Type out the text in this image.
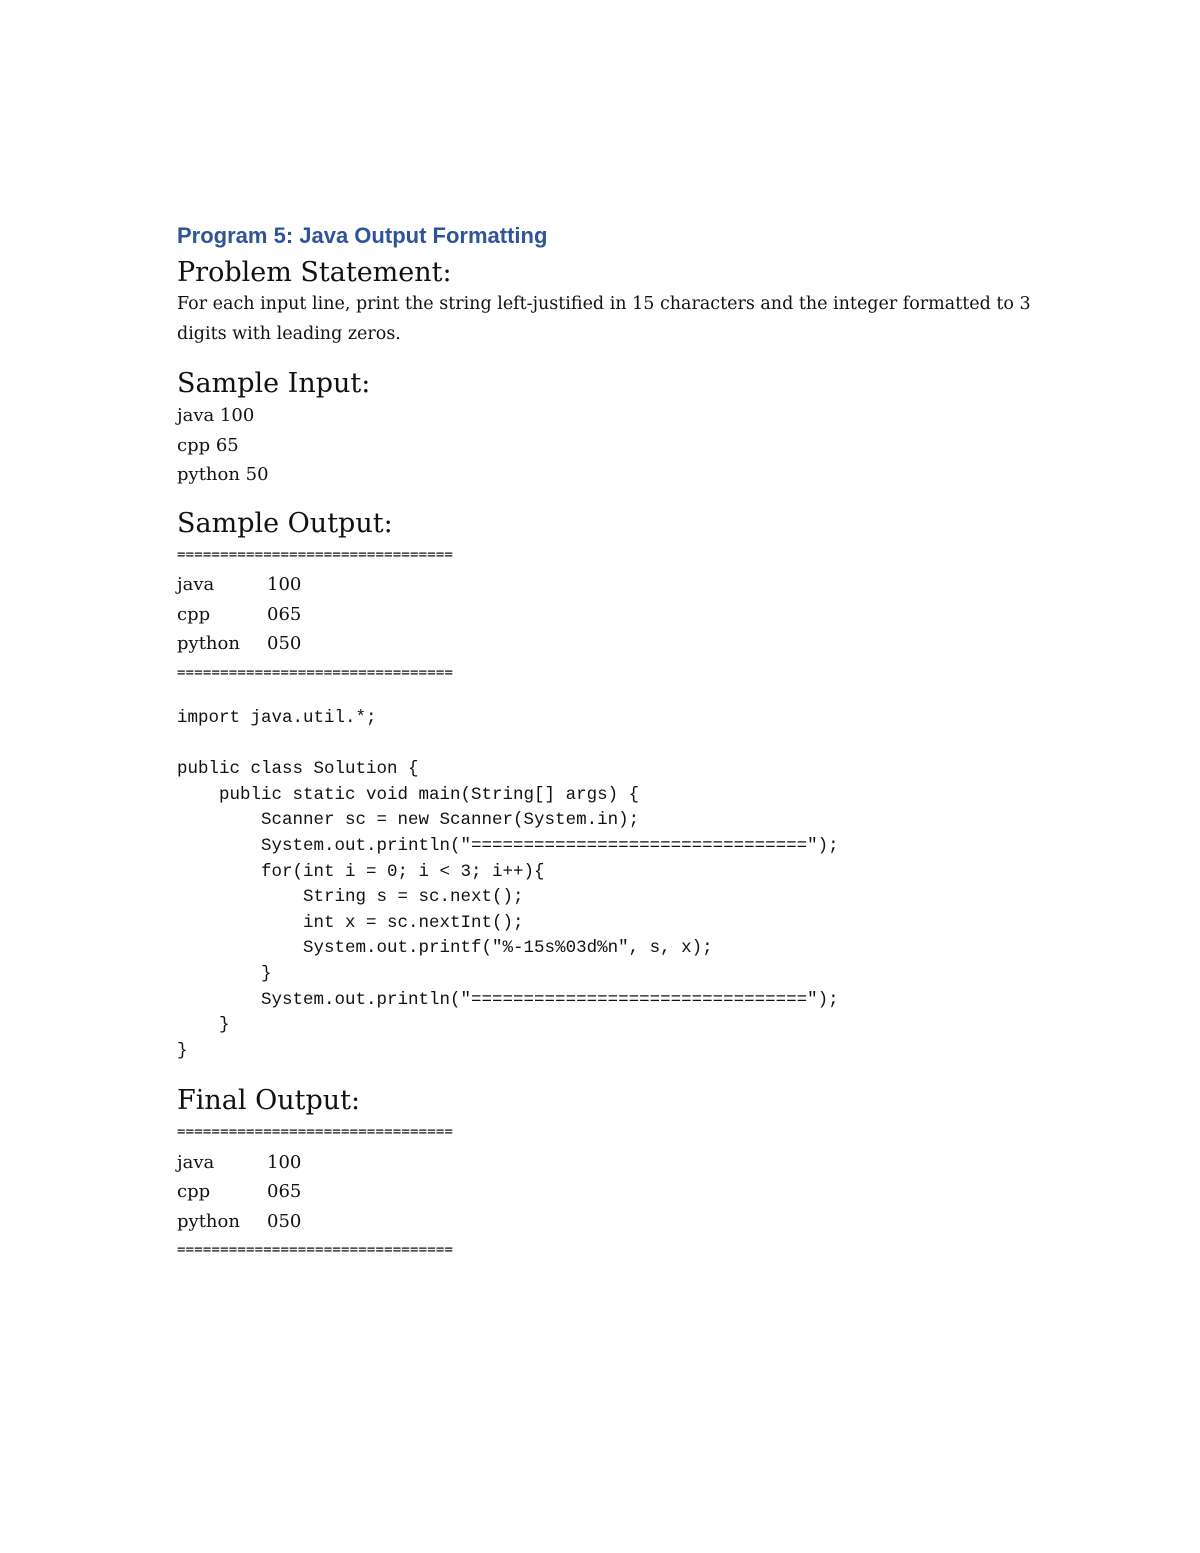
Program 5: Java Output Formatting
Problem Statement:

For each input line, print the string left-justified in 15 characters and the integer formatted to 3 digits with leading zeros.

Sample Input:
java 100
cpp 65
python 50
Sample Output:
================================
java	100
cpp	065
python	050
================================
import java.util.*;

public class Solution {
public static void main(String[] args) {
Scanner sc = new Scanner(System.in);
System.out.println("================================");
for(int i = 0; i < 3; i++){
String s = sc.next();
int x = sc.nextInt();
System.out.printf("%-15s%03d%n", s, x);
}
System.out.println("================================");
}
}
Final Output:
================================
java	100
cpp	065
python	050
================================
